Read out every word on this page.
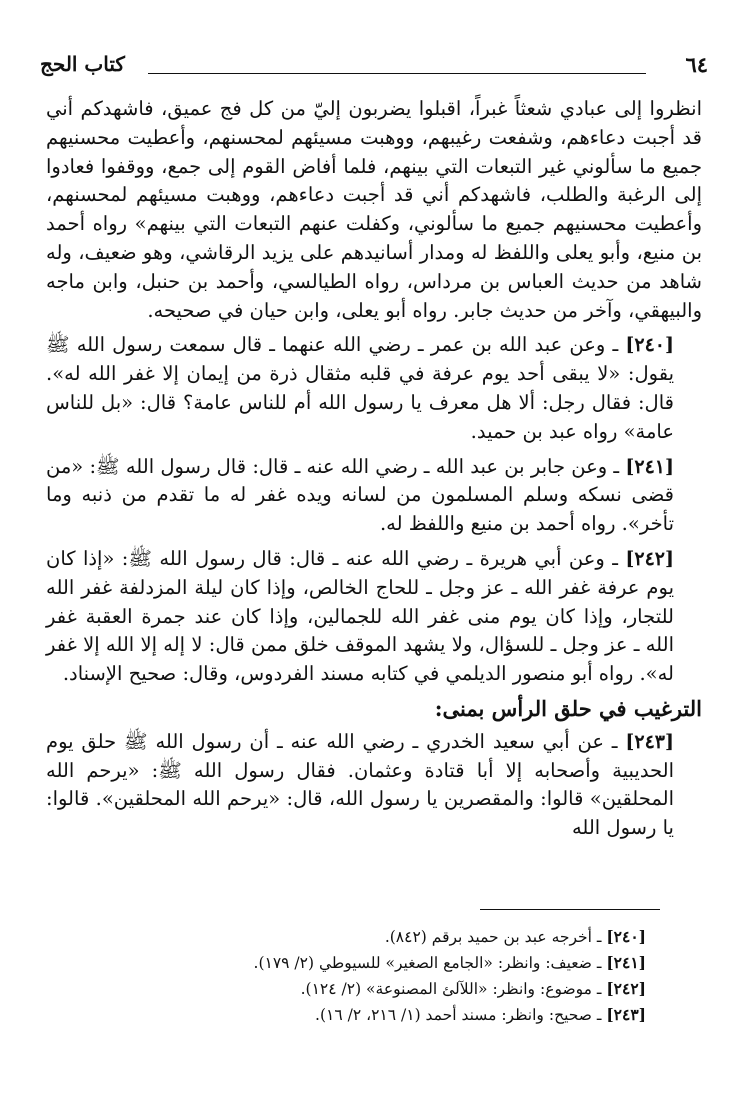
كتاب الحج	٦٤

انظروا إلى عبادي شعثاً غبراً، اقبلوا يضربون إليّ من كل فج عميق، فاشهدكم أني قد أجبت دعاءهم، وشفعت رغيبهم، ووهبت مسيئهم لمحسنهم، وأعطيت محسنيهم جميع ما سألوني غير التبعات التي بينهم، فلما أفاض القوم إلى جمع، ووقفوا فعادوا إلى الرغبة والطلب، فاشهدكم أني قد أجبت دعاءهم، ووهبت مسيئهم لمحسنهم، وأعطيت محسنيهم جميع ما سألوني، وكفلت عنهم التبعات التي بينهم» رواه أحمد بن منيع، وأبو يعلى واللفظ له ومدار أسانيدهم على يزيد الرقاشي، وهو ضعيف، وله شاهد من حديث العباس بن مرداس، رواه الطيالسي، وأحمد بن حنبل، وابن ماجه والبيهقي، وآخر من حديث جابر. رواه أبو يعلى، وابن حيان في صحيحه.

[٢٤٠] ـ وعن عبد الله بن عمر ـ رضي الله عنهما ـ قال سمعت رسول الله ﷺ يقول: «لا يبقى أحد يوم عرفة في قلبه مثقال ذرة من إيمان إلا غفر الله له». قال: فقال رجل: ألا هل معرف يا رسول الله أم للناس عامة؟ قال: «بل للناس عامة» رواه عبد بن حميد.

[٢٤١] ـ وعن جابر بن عبد الله ـ رضي الله عنه ـ قال: قال رسول الله ﷺ: «من قضى نسكه وسلم المسلمون من لسانه ويده غفر له ما تقدم من ذنبه وما تأخر». رواه أحمد بن منيع واللفظ له.

[٢٤٢] ـ وعن أبي هريرة ـ رضي الله عنه ـ قال: قال رسول الله ﷺ: «إذا كان يوم عرفة غفر الله ـ عز وجل ـ للحاج الخالص، وإذا كان ليلة المزدلفة غفر الله للتجار، وإذا كان يوم منى غفر الله للجمالين، وإذا كان عند جمرة العقبة غفر الله ـ عز وجل ـ للسؤال، ولا يشهد الموقف خلق ممن قال: لا إله إلا الله إلا غفر له». رواه أبو منصور الديلمي في كتابه مسند الفردوس، وقال: صحيح الإسناد.

الترغيب في حلق الرأس بمنى:

[٢٤٣] ـ عن أبي سعيد الخدري ـ رضي الله عنه ـ أن رسول الله ﷺ حلق يوم الحديبية وأصحابه إلا أبا قتادة وعثمان. فقال رسول الله ﷺ: «يرحم الله المحلقين» قالوا: والمقصرين يا رسول الله، قال: «يرحم الله المحلقين». قالوا: يا رسول الله

[٢٤٠] ـ أخرجه عبد بن حميد برقم (٨٤٢).
[٢٤١] ـ ضعيف: وانظر: «الجامع الصغير» للسيوطي (٢/ ١٧٩).
[٢٤٢] ـ موضوع: وانظر: «اللآلئ المصنوعة» (٢/ ١٢٤).
[٢٤٣] ـ صحيح: وانظر: مسند أحمد (١/ ٢١٦، ٢/ ١٦).
